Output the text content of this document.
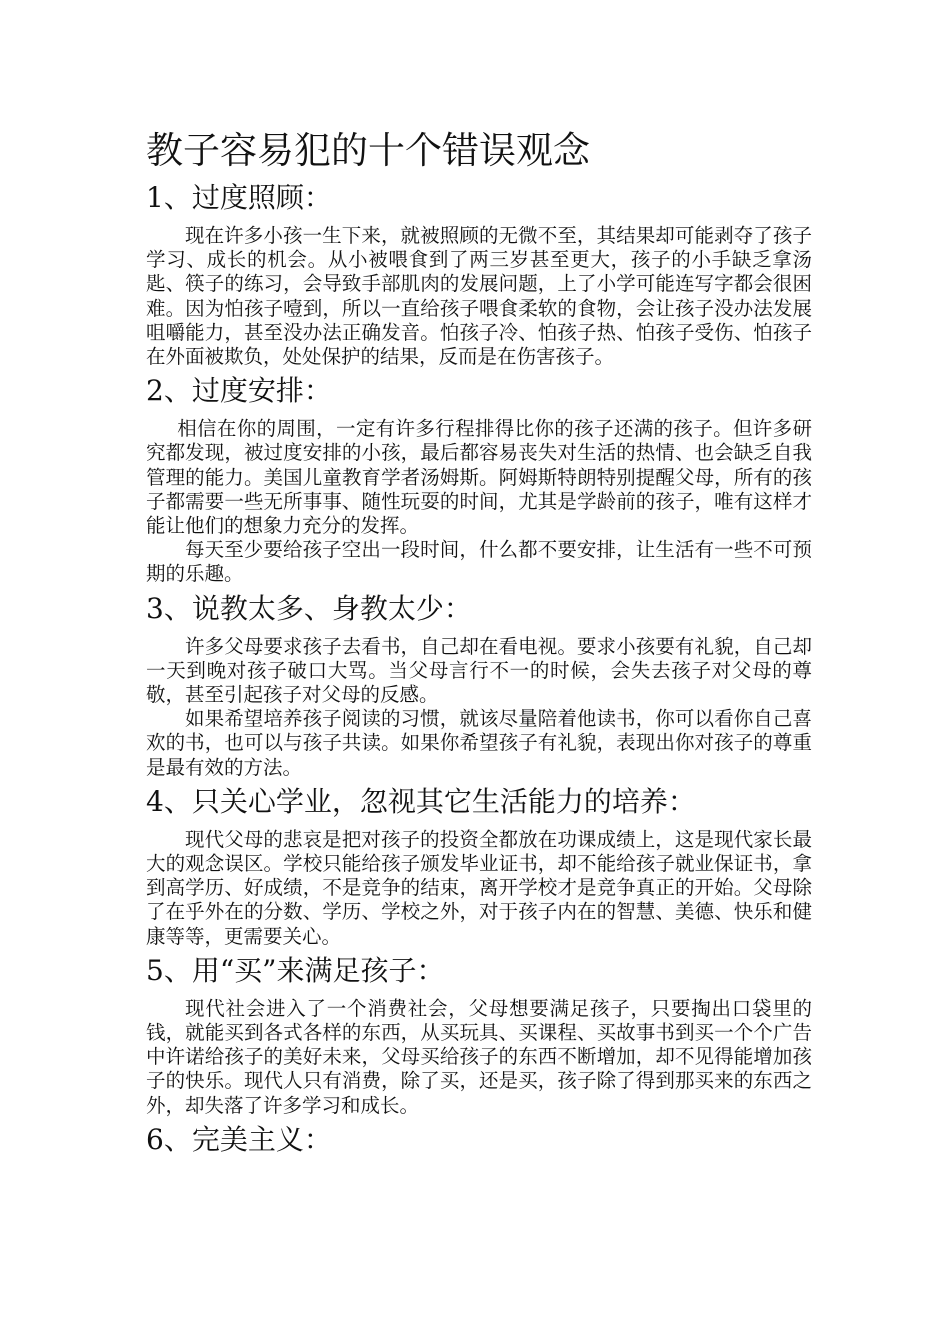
教子容易犯的十个错误观念
1、过度照顾：

现在许多小孩一生下来，就被照顾的无微不至，其结果却可能剥夺了孩子学习、成长的机会。从小被喂食到了两三岁甚至更大，孩子的小手缺乏拿汤匙、筷子的练习，会导致手部肌肉的发展问题，上了小学可能连写字都会很困难。因为怕孩子噎到，所以一直给孩子喂食柔软的食物，会让孩子没办法发展咀嚼能力，甚至没办法正确发音。怕孩子冷、怕孩子热、怕孩子受伤、怕孩子在外面被欺负，处处保护的结果，反而是在伤害孩子。

2、过度安排：

相信在你的周围，一定有许多行程排得比你的孩子还满的孩子。但许多研究都发现，被过度安排的小孩，最后都容易丧失对生活的热情、也会缺乏自我管理的能力。美国儿童教育学者汤姆斯。阿姆斯特朗特别提醒父母，所有的孩子都需要一些无所事事、随性玩耍的时间，尤其是学龄前的孩子，唯有这样才能让他们的想象力充分的发挥。

每天至少要给孩子空出一段时间，什么都不要安排，让生活有一些不可预期的乐趣。

3、说教太多、身教太少：

许多父母要求孩子去看书，自己却在看电视。要求小孩要有礼貌，自己却一天到晚对孩子破口大骂。当父母言行不一的时候，会失去孩子对父母的尊敬，甚至引起孩子对父母的反感。

如果希望培养孩子阅读的习惯，就该尽量陪着他读书，你可以看你自己喜欢的书，也可以与孩子共读。如果你希望孩子有礼貌，表现出你对孩子的尊重是最有效的方法。

4、只关心学业，忽视其它生活能力的培养：

现代父母的悲哀是把对孩子的投资全都放在功课成绩上，这是现代家长最大的观念误区。学校只能给孩子颁发毕业证书，却不能给孩子就业保证书，拿到高学历、好成绩，不是竞争的结束，离开学校才是竞争真正的开始。父母除了在乎外在的分数、学历、学校之外，对于孩子内在的智慧、美德、快乐和健康等等，更需要关心。

5、用“买”来满足孩子：

现代社会进入了一个消费社会，父母想要满足孩子，只要掏出口袋里的钱，就能买到各式各样的东西，从买玩具、买课程、买故事书到买一个个广告中许诺给孩子的美好未来，父母买给孩子的东西不断增加，却不见得能增加孩子的快乐。现代人只有消费，除了买，还是买，孩子除了得到那买来的东西之外，却失落了许多学习和成长。

6、完美主义：
